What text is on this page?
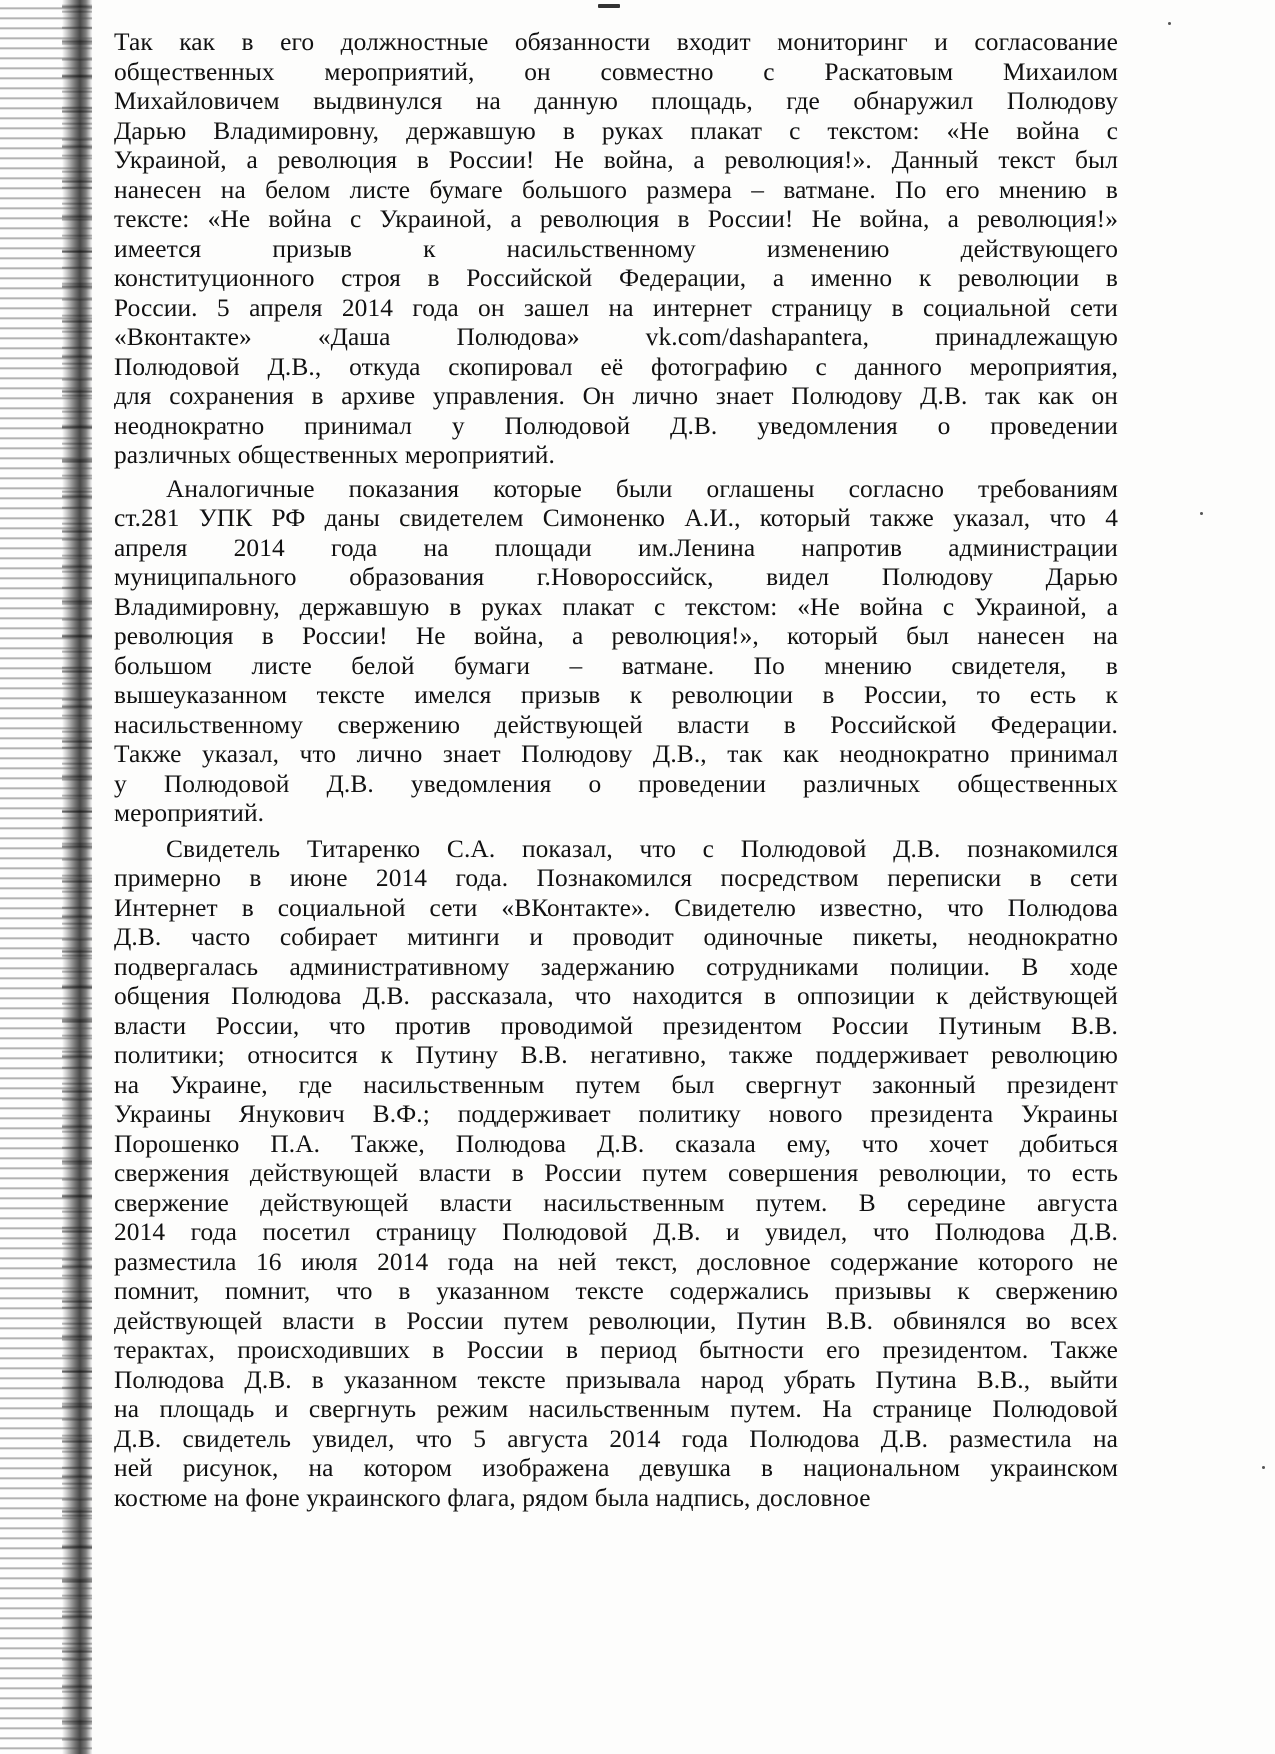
Так как в его должностные обязанности входит мониторинг и согласование
общественных мероприятий, он совместно с Раскатовым Михаилом
Михайловичем выдвинулся на данную площадь, где обнаружил Полюдову
Дарью Владимировну, державшую в руках плакат с текстом: «Не война с
Украиной, а революция в России! Не война, а революция!». Данный текст был
нанесен на белом листе бумаге большого размера – ватмане. По его мнению в
тексте: «Не война с Украиной, а революция в России! Не война, а революция!»
имеется призыв к насильственному изменению действующего
конституционного строя в Российской Федерации, а именно к революции в
России. 5 апреля 2014 года он зашел на интернет страницу в социальной сети
«Вконтакте» «Даша Полюдова» vk.com/dashapantera, принадлежащую
Полюдовой Д.В., откуда скопировал её фотографию с данного мероприятия,
для сохранения в архиве управления. Он лично знает Полюдову Д.В. так как он
неоднократно принимал у Полюдовой Д.В. уведомления о проведении
различных общественных мероприятий.
Аналогичные показания которые были оглашены согласно требованиям
ст.281 УПК РФ даны свидетелем Симоненко А.И., который также указал, что 4
апреля 2014 года на площади им.Ленина напротив администрации
муниципального образования г.Новороссийск, видел Полюдову Дарью
Владимировну, державшую в руках плакат с текстом: «Не война с Украиной, а
революция в России! Не война, а революция!», который был нанесен на
большом листе белой бумаги – ватмане. По мнению свидетеля, в
вышеуказанном тексте имелся призыв к революции в России, то есть к
насильственному свержению действующей власти в Российской Федерации.
Также указал, что лично знает Полюдову Д.В., так как неоднократно принимал
у Полюдовой Д.В. уведомления о проведении различных общественных
мероприятий.
Свидетель Титаренко С.А. показал, что с Полюдовой Д.В. познакомился
примерно в июне 2014 года. Познакомился посредством переписки в сети
Интернет в социальной сети «ВКонтакте». Свидетелю известно, что Полюдова
Д.В. часто собирает митинги и проводит одиночные пикеты, неоднократно
подвергалась административному задержанию сотрудниками полиции. В ходе
общения Полюдова Д.В. рассказала, что находится в оппозиции к действующей
власти России, что против проводимой президентом России Путиным В.В.
политики; относится к Путину В.В. негативно, также поддерживает революцию
на Украине, где насильственным путем был свергнут законный президент
Украины Янукович В.Ф.; поддерживает политику нового президента Украины
Порошенко П.А. Также, Полюдова Д.В. сказала ему, что хочет добиться
свержения действующей власти в России путем совершения революции, то есть
свержение действующей власти насильственным путем. В середине августа
2014 года посетил страницу Полюдовой Д.В. и увидел, что Полюдова Д.В.
разместила 16 июля 2014 года на ней текст, дословное содержание которого не
помнит, помнит, что в указанном тексте содержались призывы к свержению
действующей власти в России путем революции, Путин В.В. обвинялся во всех
терактах, происходивших в России в период бытности его президентом. Также
Полюдова Д.В. в указанном тексте призывала народ убрать Путина В.В., выйти
на площадь и свергнуть режим насильственным путем. На странице Полюдовой
Д.В. свидетель увидел, что 5 августа 2014 года Полюдова Д.В. разместила на
ней рисунок, на котором изображена девушка в национальном украинском
костюме на фоне украинского флага, рядом была надпись, дословное
